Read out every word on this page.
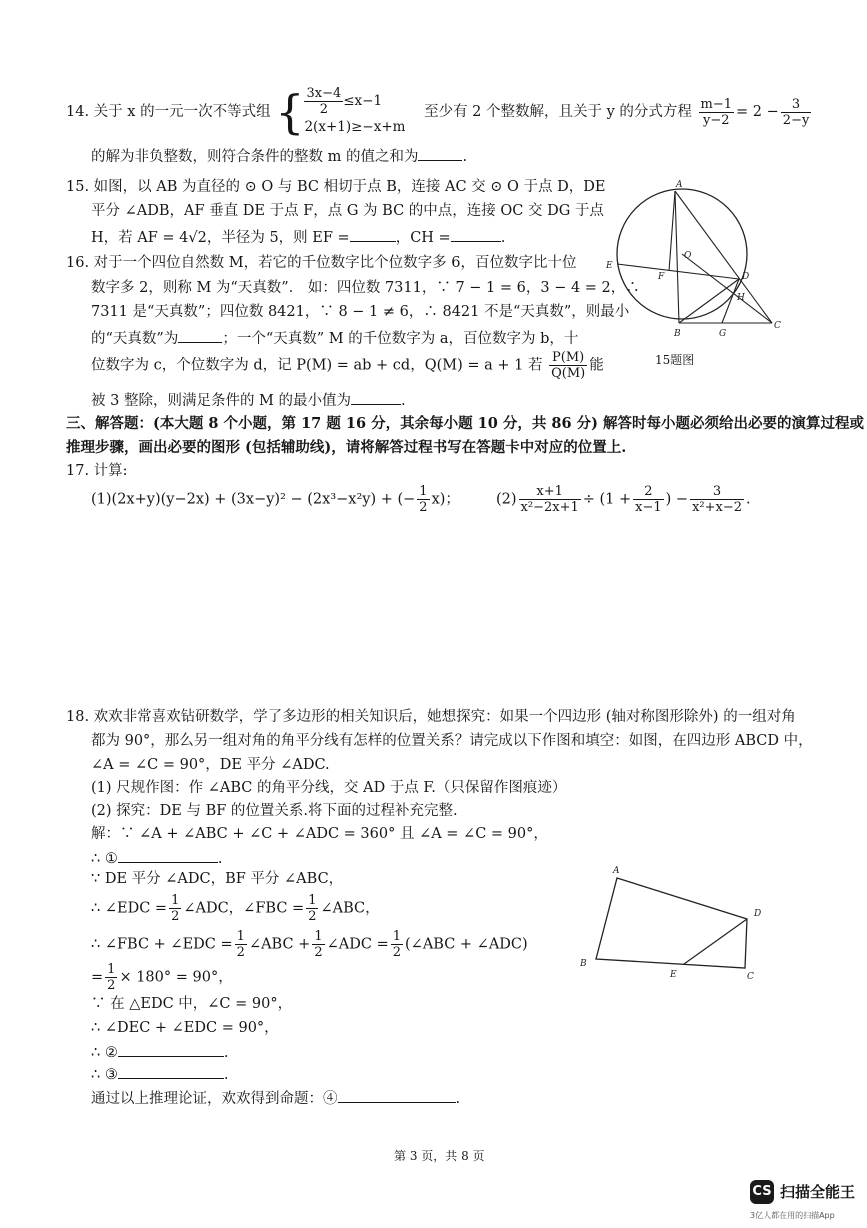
14. 关于 x 的一元一次不等式组 { $\frac{3x-4}{2} \le x-1$
2(x+1)≥−x+m
至少有 2 个整数解，且关于 y 的分式方程 $\frac{m-1}{y-2} = 2 - \frac{3}{2-y}$
的解为非负整数，则符合条件的整数 m 的值之和为	.
15. 如图，以 AB 为直径的 ⊙ O 与 BC 相切于点 B，连接 AC 交 ⊙ O 于点 D，DE
平分 ∠ADB，AF 垂直 DE 于点 F，点 G 为 BC 的中点，连接 OC 交 DG 于点
H，若 AF = 4√2，半径为 5，则 EF =	，CH =	.
16. 对于一个四位自然数 M，若它的千位数字比个位数字多 6，百位数字比十位
数字多 2，则称 M 为“天真数”． 如：四位数 7311，∵ 7 − 1 = 6，3 − 4 = 2，∴
7311 是“天真数”；四位数 8421，∵ 8 − 1 ≠ 6，∴ 8421 不是“天真数”，则最小
的“天真数”为	；一个“天真数” M 的千位数字为 a，百位数字为 b，十
位数字为 c，个位数字为 d，记 P(M) = ab + cd，Q(M) = a + 1 若 $\frac{P(M)}{Q(M)}$ 能
被 3 整除，则满足条件的 M 的最小值为	.
A
E
O
F	D
H
B	G
C
15题图
三、解答题：(本大题 8 个小题，第 17 题 16 分，其余每小题 10 分，共 86 分) 解答时每小题必须给出必要的演算过程或
推理步骤，画出必要的图形 (包括辅助线)，请将解答过程书写在答题卡中对应的位置上.
17. 计算:
(1)(2x+y)(y−2x) + (3x−y)² − (2x³−x²y) + (− $\frac{1}{2} x$)； $(2) \frac{x+1}{\text{x²−2x+1}} \div (1 + \frac{2}{x-1}$ ) − $\frac{3}{\text{x²+x−2}}$ .
18. 欢欢非常喜欢钻研数学，学了多边形的相关知识后，她想探究：如果一个四边形 (轴对称图形除外) 的一组对角
都为 90°，那么另一组对角的角平分线有怎样的位置关系？请完成以下作图和填空：如图，在四边形 ABCD 中，
∠A = ∠C = 90°，DE 平分 ∠ADC.
(1) 尺规作图：作 ∠ABC 的角平分线，交 AD 于点 F.（只保留作图痕迹）
(2) 探究：DE 与 BF 的位置关系.将下面的过程补充完整.
解：∵ ∠A + ∠ABC + ∠C + ∠ADC = 360° 且 ∠A = ∠C = 90°，
∴ ①	.
∵ DE 平分 ∠ADC，BF 平分 ∠ABC，
∴ ∠EDC = $\frac{1}{2}$ ∠ADC，∠FBC = $\frac{1}{2}$ ∠ABC，
∴ ∠FBC + ∠EDC = $\frac{1}{2}$ ∠ABC + $\frac{1}{2}$ ∠ADC = $\frac{1}{2}$ (∠ABC + ∠ADC)
= $\frac{1}{2} \times 180^\circ = 90^\circ$，
∵ 在 △EDC 中，∠C = 90°，
∴ ∠DEC + ∠EDC = 90°，
∴ ②	.
∴ ③	.
通过以上推理论证，欢欢得到命题：④	.
A
B
C
D
E
第 3 页，共 8 页
CS 扫描全能王
3亿人都在用的扫描App
